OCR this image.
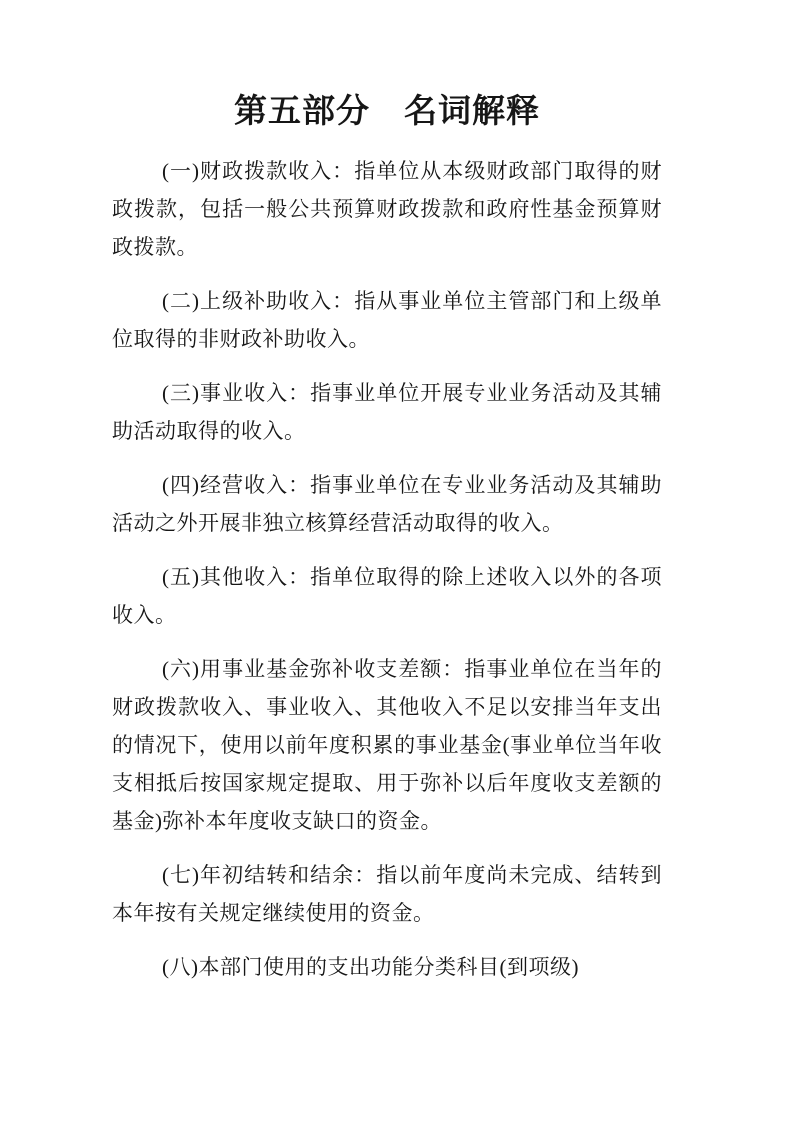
第五部分　名词解释

(一)财政拨款收入：指单位从本级财政部门取得的财政拨款，包括一般公共预算财政拨款和政府性基金预算财政拨款。

(二)上级补助收入：指从事业单位主管部门和上级单位取得的非财政补助收入。

(三)事业收入：指事业单位开展专业业务活动及其辅助活动取得的收入。

(四)经营收入：指事业单位在专业业务活动及其辅助活动之外开展非独立核算经营活动取得的收入。

(五)其他收入：指单位取得的除上述收入以外的各项收入。

(六)用事业基金弥补收支差额：指事业单位在当年的财政拨款收入、事业收入、其他收入不足以安排当年支出的情况下，使用以前年度积累的事业基金(事业单位当年收支相抵后按国家规定提取、用于弥补以后年度收支差额的基金)弥补本年度收支缺口的资金。

(七)年初结转和结余：指以前年度尚未完成、结转到本年按有关规定继续使用的资金。

(八)本部门使用的支出功能分类科目(到项级)
